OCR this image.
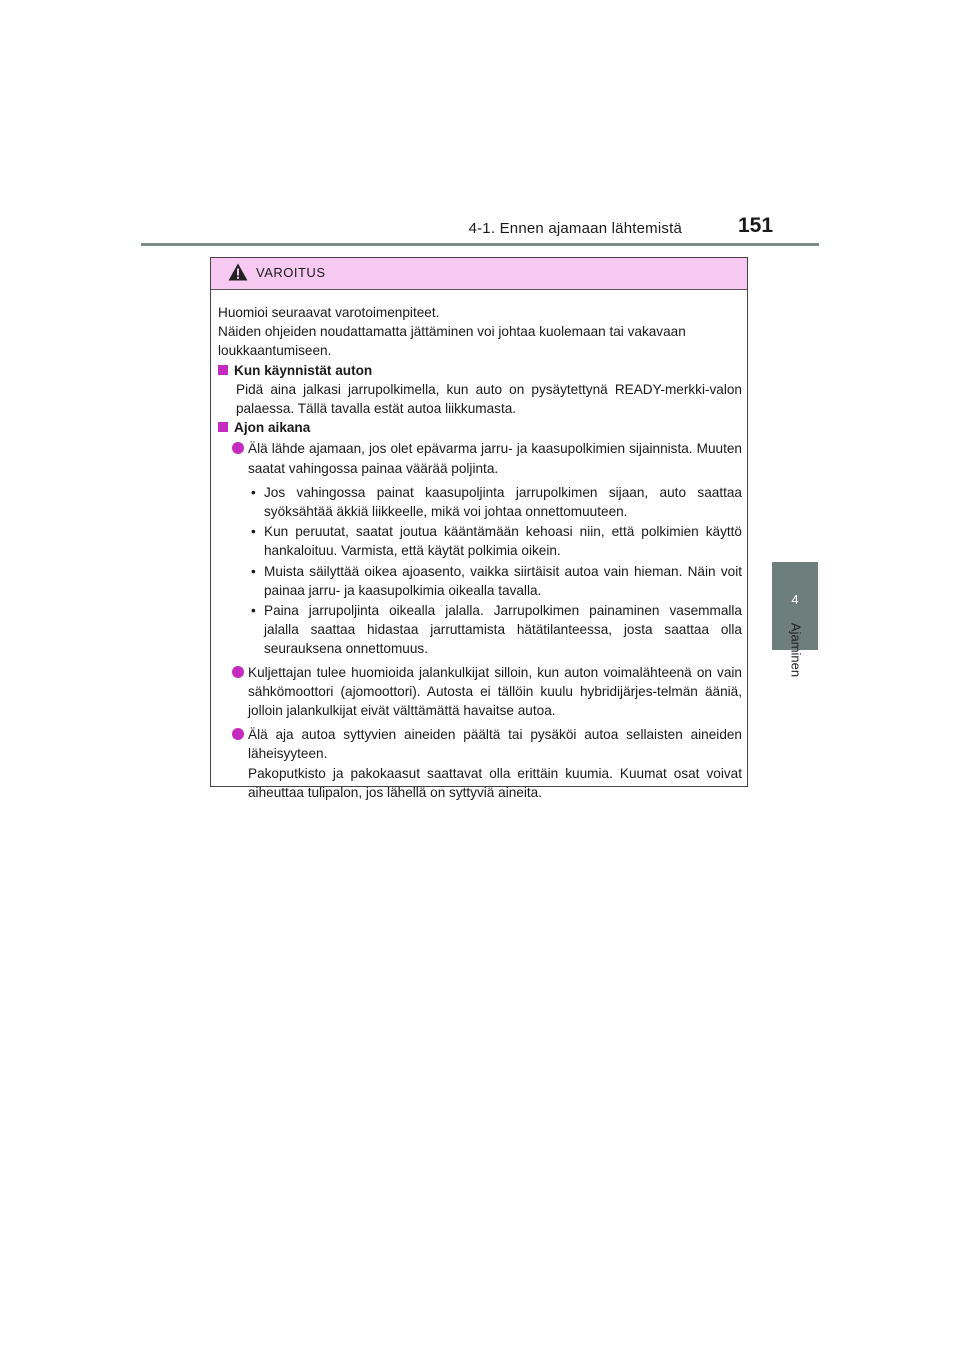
4-1. Ennen ajamaan lähtemistä	151
4
Ajaminen
VAROITUS

Huomioi seuraavat varotoimenpiteet.

Näiden ohjeiden noudattamatta jättäminen voi johtaa kuolemaan tai vakavaan loukkaantumiseen.

Kun käynnistät auton

Pidä aina jalkasi jarrupolkimella, kun auto on pysäytettynä READY-merkki-valon palaessa. Tällä tavalla estät autoa liikkumasta.

Ajon aikana

Älä lähde ajamaan, jos olet epävarma jarru- ja kaasupolkimien sijainnista. Muuten saatat vahingossa painaa väärää poljinta.
• Jos vahingossa painat kaasupoljinta jarrupolkimen sijaan, auto saattaa syöksähtää äkkiä liikkeelle, mikä voi johtaa onnettomuuteen.
• Kun peruutat, saatat joutua kääntämään kehoasi niin, että polkimien käyttö hankaloituu. Varmista, että käytät polkimia oikein.
• Muista säilyttää oikea ajoasento, vaikka siirtäisit autoa vain hieman. Näin voit painaa jarru- ja kaasupolkimia oikealla tavalla.
• Paina jarrupoljinta oikealla jalalla. Jarrupolkimen painaminen vasemmalla jalalla saattaa hidastaa jarruttamista hätätilanteessa, josta saattaa olla seurauksena onnettomuus.
Kuljettajan tulee huomioida jalankulkijat silloin, kun auton voimalähteenä on vain sähkömoottori (ajomoottori). Autosta ei tällöin kuulu hybridijärjes-telmän ääniä, jolloin jalankulkijat eivät välttämättä havaitse autoa.
Älä aja autoa syttyvien aineiden päältä tai pysäköi autoa sellaisten aineiden läheisyyteen.
Pakoputkisto ja pakokaasut saattavat olla erittäin kuumia. Kuumat osat voivat aiheuttaa tulipalon, jos lähellä on syttyviä aineita.
